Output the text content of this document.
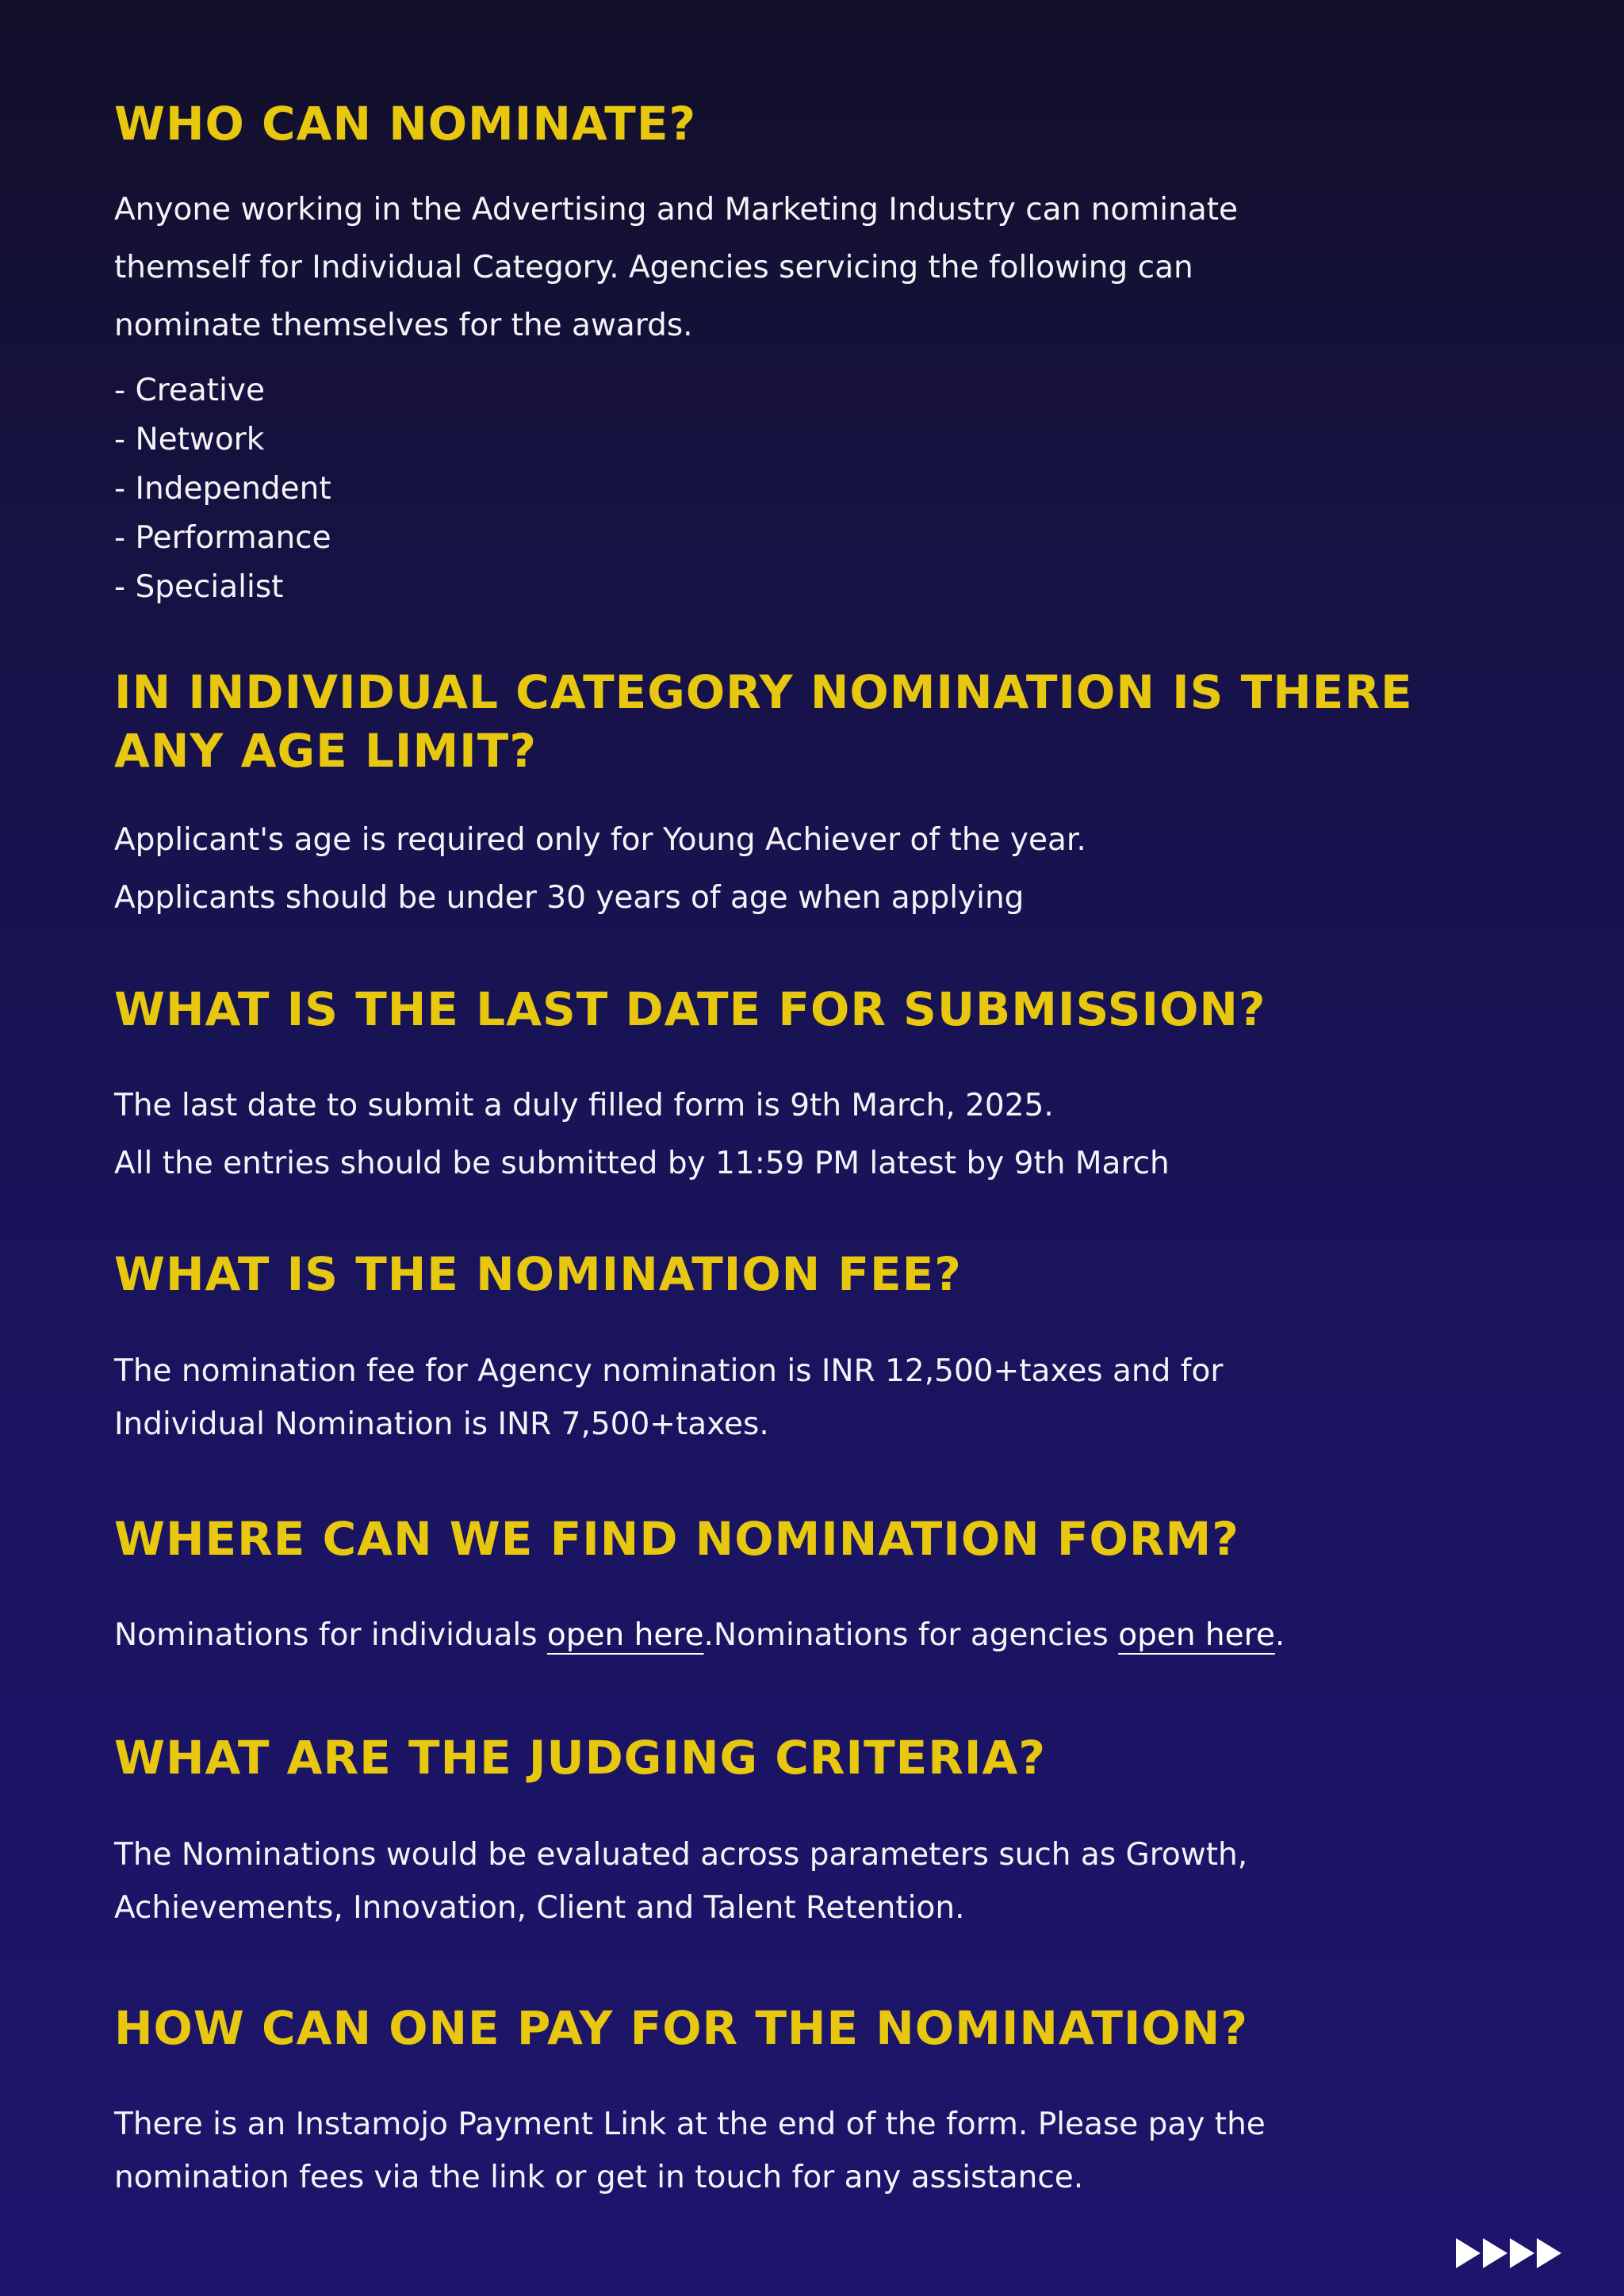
WHO CAN NOMINATE?
Anyone working in the Advertising and Marketing Industry can nominate
themself for Individual Category. Agencies servicing the following can
nominate themselves for the awards.
- Creative
- Network
- Independent
- Performance
- Specialist
IN INDIVIDUAL CATEGORY NOMINATION IS THERE
ANY AGE LIMIT?
Applicant's age is required only for Young Achiever of the year.
Applicants should be under 30 years of age when applying
WHAT IS THE LAST DATE FOR SUBMISSION?
The last date to submit a duly filled form is 9th March, 2025.
All the entries should be submitted by 11:59 PM latest by 9th March
WHAT IS THE NOMINATION FEE?
The nomination fee for Agency nomination is INR 12,500+taxes and for
Individual Nomination is INR 7,500+taxes.
WHERE CAN WE FIND NOMINATION FORM?
Nominations for individuals open here.Nominations for agencies open here.
WHAT ARE THE JUDGING CRITERIA?
The Nominations would be evaluated across parameters such as Growth,
Achievements, Innovation, Client and Talent Retention.
HOW CAN ONE PAY FOR THE NOMINATION?
There is an Instamojo Payment Link at the end of the form. Please pay the
nomination fees via the link or get in touch for any assistance.
